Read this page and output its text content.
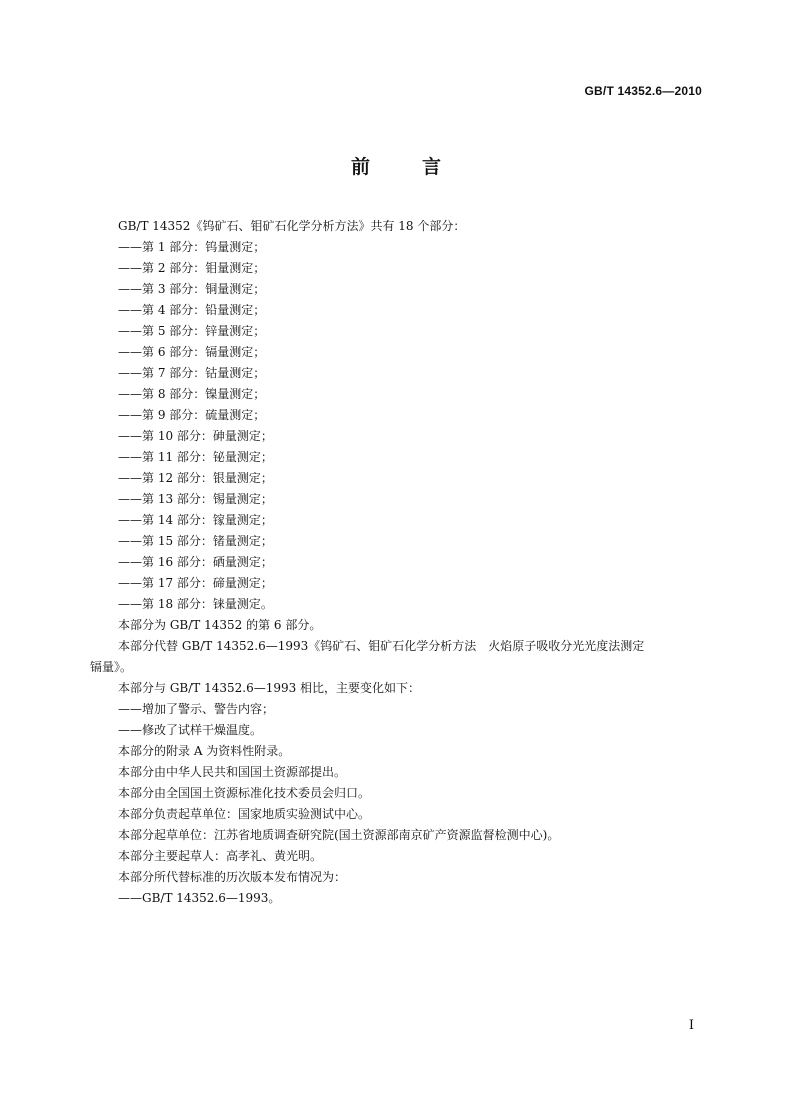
GB/T 14352.6—2010
前言
GB/T 14352《钨矿石、钼矿石化学分析方法》共有 18 个部分：
——第 1 部分：钨量测定；
——第 2 部分：钼量测定；
——第 3 部分：铜量测定；
——第 4 部分：铅量测定；
——第 5 部分：锌量测定；
——第 6 部分：镉量测定；
——第 7 部分：钴量测定；
——第 8 部分：镍量测定；
——第 9 部分：硫量测定；
——第 10 部分：砷量测定；
——第 11 部分：铋量测定；
——第 12 部分：银量测定；
——第 13 部分：锡量测定；
——第 14 部分：镓量测定；
——第 15 部分：锗量测定；
——第 16 部分：硒量测定；
——第 17 部分：碲量测定；
——第 18 部分：铼量测定。
本部分为 GB/T 14352 的第 6 部分。
本部分代替 GB/T 14352.6—1993《钨矿石、钼矿石化学分析方法　火焰原子吸收分光光度法测定
镉量》。
本部分与 GB/T 14352.6—1993 相比，主要变化如下：
——增加了警示、警告内容；
——修改了试样干燥温度。
本部分的附录 A 为资料性附录。
本部分由中华人民共和国国土资源部提出。
本部分由全国国土资源标准化技术委员会归口。
本部分负责起草单位：国家地质实验测试中心。
本部分起草单位：江苏省地质调查研究院(国土资源部南京矿产资源监督检测中心)。
本部分主要起草人：高孝礼、黄光明。
本部分所代替标准的历次版本发布情况为：
——GB/T 14352.6—1993。
I
